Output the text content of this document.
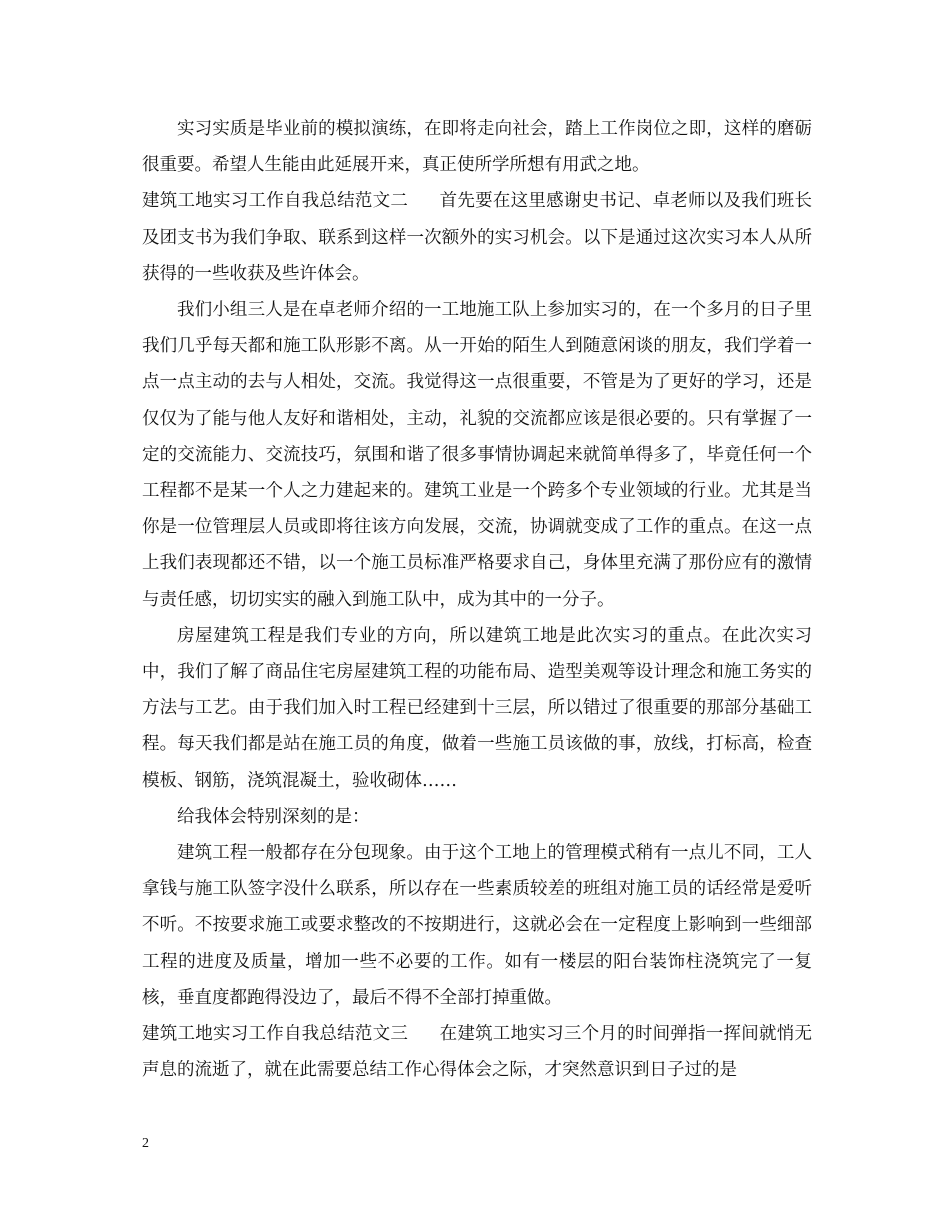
实习实质是毕业前的模拟演练，在即将走向社会，踏上工作岗位之即，这样的磨砺很重要。希望人生能由此延展开来，真正使所学所想有用武之地。

建筑工地实习工作自我总结范文二 首先要在这里感谢史书记、卓老师以及我们班长及团支书为我们争取、联系到这样一次额外的实习机会。以下是通过这次实习本人从所获得的一些收获及些许体会。

我们小组三人是在卓老师介绍的一工地施工队上参加实习的，在一个多月的日子里我们几乎每天都和施工队形影不离。从一开始的陌生人到随意闲谈的朋友，我们学着一点一点主动的去与人相处，交流。我觉得这一点很重要，不管是为了更好的学习，还是仅仅为了能与他人友好和谐相处，主动，礼貌的交流都应该是很必要的。只有掌握了一定的交流能力、交流技巧，氛围和谐了很多事情协调起来就简单得多了，毕竟任何一个工程都不是某一个人之力建起来的。建筑工业是一个跨多个专业领域的行业。尤其是当你是一位管理层人员或即将往该方向发展，交流，协调就变成了工作的重点。在这一点上我们表现都还不错，以一个施工员标准严格要求自己，身体里充满了那份应有的激情与责任感，切切实实的融入到施工队中，成为其中的一分子。

房屋建筑工程是我们专业的方向，所以建筑工地是此次实习的重点。在此次实习中，我们了解了商品住宅房屋建筑工程的功能布局、造型美观等设计理念和施工务实的方法与工艺。由于我们加入时工程已经建到十三层，所以错过了很重要的那部分基础工程。每天我们都是站在施工员的角度，做着一些施工员该做的事，放线，打标高，检查模板、钢筋，浇筑混凝土，验收砌体……

给我体会特别深刻的是：

建筑工程一般都存在分包现象。由于这个工地上的管理模式稍有一点儿不同，工人拿钱与施工队签字没什么联系，所以存在一些素质较差的班组对施工员的话经常是爱听不听。不按要求施工或要求整改的不按期进行，这就必会在一定程度上影响到一些细部工程的进度及质量，增加一些不必要的工作。如有一楼层的阳台装饰柱浇筑完了一复核，垂直度都跑得没边了，最后不得不全部打掉重做。

建筑工地实习工作自我总结范文三 在建筑工地实习三个月的时间弹指一挥间就悄无声息的流逝了，就在此需要总结工作心得体会之际，才突然意识到日子过的是

2
